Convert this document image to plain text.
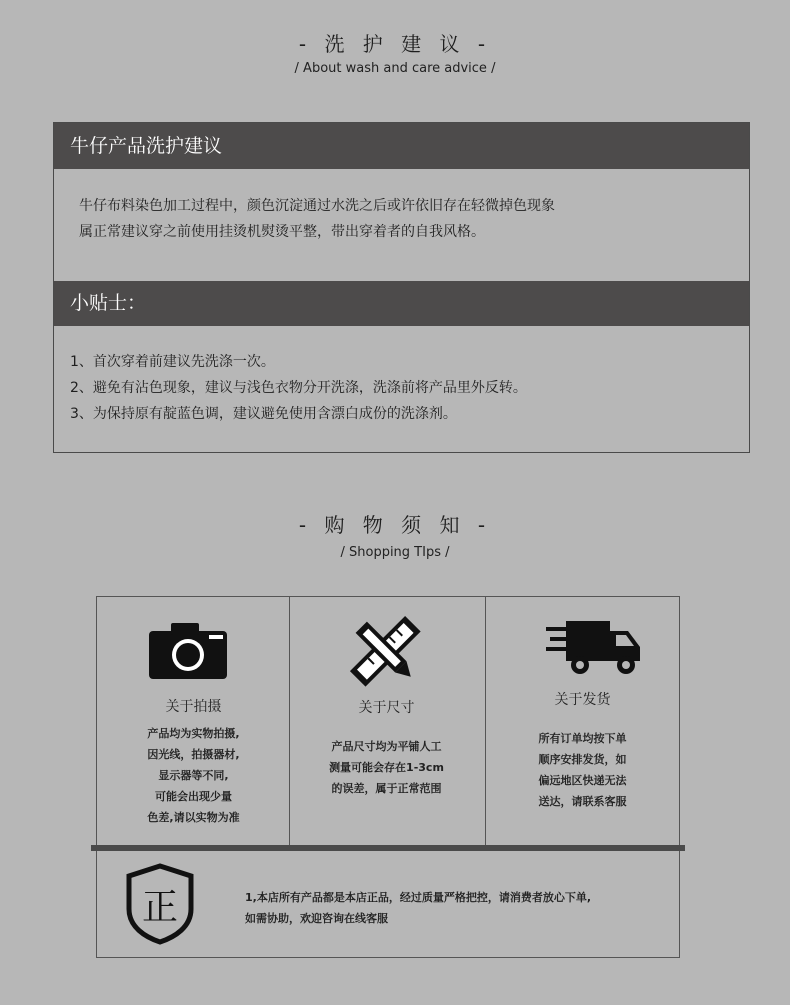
- 洗 护 建 议 -
/ About wash and care advice /
牛仔产品洗护建议
牛仔布料染色加工过程中，颜色沉淀通过水洗之后或许依旧存在轻微掉色现象
属正常建议穿之前使用挂烫机熨烫平整，带出穿着者的自我风格。
小贴士：
1、首次穿着前建议先洗涤一次。
2、避免有沾色现象，建议与浅色衣物分开洗涤，洗涤前将产品里外反转。
3、为保持原有靛蓝色调，建议避免使用含漂白成份的洗涤剂。
- 购 物 须 知 -
/ Shopping TIps /
关于拍摄
产品均为实物拍摄,
因光线，拍摄器材,
显示器等不同,
可能会出现少量
色差,请以实物为准
关于尺寸
产品尺寸均为平铺人工
测量可能会存在1-3cm
的误差，属于正常范围
关于发货
所有订单均按下单
顺序安排发货，如
偏远地区快递无法
送达，请联系客服
正	1,本店所有产品都是本店正品，经过质量严格把控，请消费者放心下单,
如需协助，欢迎咨询在线客服
